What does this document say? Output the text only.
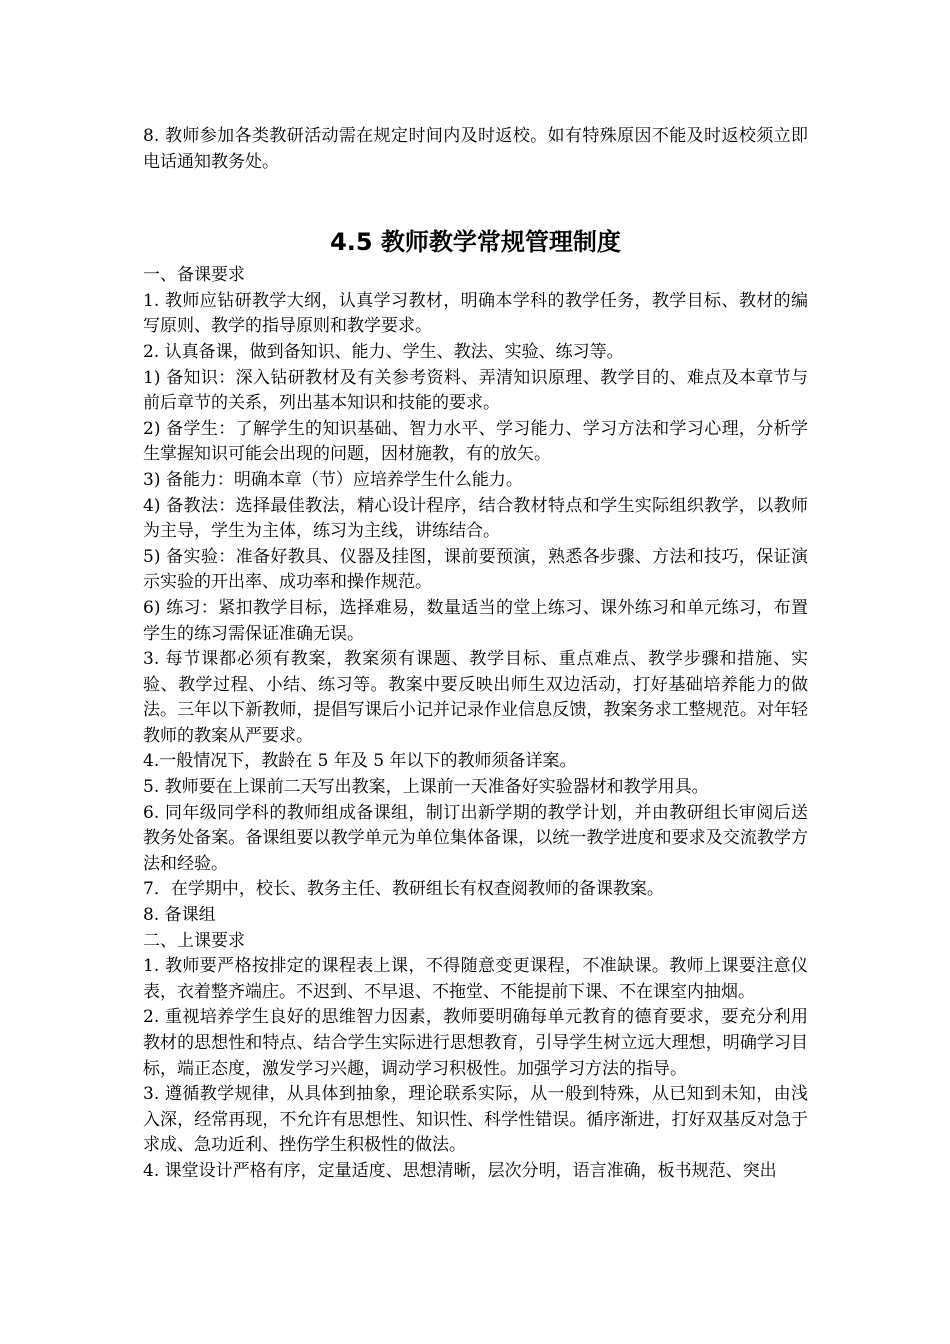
8. 教师参加各类教研活动需在规定时间内及时返校。如有特殊原因不能及时返校须立即电话通知教务处。

4.5 教师教学常规管理制度

一、备课要求

1. 教师应钻研教学大纲，认真学习教材，明确本学科的教学任务，教学目标、教材的编写原则、教学的指导原则和教学要求。

2. 认真备课，做到备知识、能力、学生、教法、实验、练习等。

1) 备知识：深入钻研教材及有关参考资料、弄清知识原理、教学目的、难点及本章节与前后章节的关系，列出基本知识和技能的要求。

2) 备学生：了解学生的知识基础、智力水平、学习能力、学习方法和学习心理，分析学生掌握知识可能会出现的问题，因材施教，有的放矢。

3) 备能力：明确本章（节）应培养学生什么能力。

4) 备教法：选择最佳教法，精心设计程序，结合教材特点和学生实际组织教学，以教师为主导，学生为主体，练习为主线，讲练结合。

5) 备实验：准备好教具、仪器及挂图，课前要预演，熟悉各步骤、方法和技巧，保证演示实验的开出率、成功率和操作规范。

6) 练习：紧扣教学目标，选择难易，数量适当的堂上练习、课外练习和单元练习，布置学生的练习需保证准确无误。

3. 每节课都必须有教案，教案须有课题、教学目标、重点难点、教学步骤和措施、实验、教学过程、小结、练习等。教案中要反映出师生双边活动，打好基础培养能力的做法。三年以下新教师，提倡写课后小记并记录作业信息反馈，教案务求工整规范。对年轻教师的教案从严要求。

4.一般情况下，教龄在 5 年及 5 年以下的教师须备详案。

5. 教师要在上课前二天写出教案，上课前一天准备好实验器材和教学用具。

6. 同年级同学科的教师组成备课组，制订出新学期的教学计划，并由教研组长审阅后送教务处备案。备课组要以教学单元为单位集体备课，以统一教学进度和要求及交流教学方法和经验。

7．在学期中，校长、教务主任、教研组长有权查阅教师的备课教案。

8. 备课组

二、上课要求

1. 教师要严格按排定的课程表上课，不得随意变更课程，不准缺课。教师上课要注意仪表，衣着整齐端庄。不迟到、不早退、不拖堂、不能提前下课、不在课室内抽烟。

2. 重视培养学生良好的思维智力因素，教师要明确每单元教育的德育要求，要充分利用教材的思想性和特点、结合学生实际进行思想教育，引导学生树立远大理想，明确学习目标，端正态度，激发学习兴趣，调动学习积极性。加强学习方法的指导。

3. 遵循教学规律，从具体到抽象，理论联系实际，从一般到特殊，从已知到未知，由浅入深，经常再现，不允许有思想性、知识性、科学性错误。循序渐进，打好双基反对急于求成、急功近利、挫伤学生积极性的做法。

4. 课堂设计严格有序，定量适度、思想清晰，层次分明，语言准确，板书规范、突出
